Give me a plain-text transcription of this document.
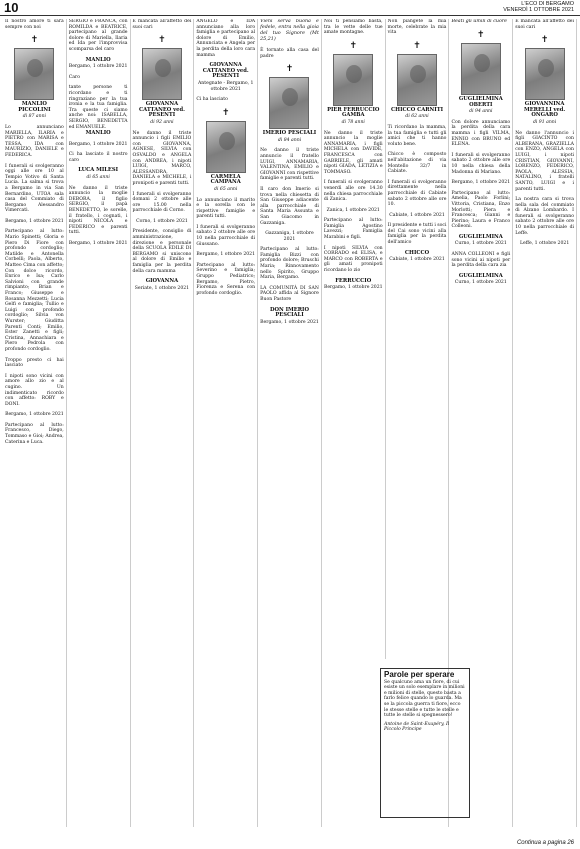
10	L'ECO DI BERGAMO
VENERDÌ 1 OTTOBRE 2021
Il nostro amore ti sarà sempre con noi
✝
MANLIO PICCOLINI
di 87 anni
Lo annunciano MARIELLA, ILARIA e PIETRO con MARISA e TESSA, IDA con MAURIZIO, DANIELE e FEDERICA.
I funerali si svolgeranno oggi alle ore 10 al Tempio Votivo di Santa Lucia. La salma si trova a Bergamo in via San Bernardino, UTOA sala casa del Commiato di Bergamo Alessandro Vimercati.
Bergamo, 1 ottobre 2021
Partecipano al lutto: Mario Spinetti; Gloria e Piero Di Fiore con profondo cordoglio; Matilde e Antonella Corbelli; Paola, Alberto, Matteo Cima con affetto; Con dolce ricordo, Enrico e Isa; Carlo Salvioni con grande rimpianto; Brian e Franco; Giuseppe e Rosanna Mezzetti; Lucia Gelfi e famiglia; Tullio e Luigi con profondo cordoglio; Silvia von Wurster; Giuditta Parenti Conti; Emilio, Ester Zanetti e figli; Cristina, Annachiara e Piero Pedrola con profondo cordoglio.
Troppo presto ci hai lasciato
I nipoti sono vicini con amore allo zio e al cugino. Un indimenticato ricordo con affetto: ROBY e DONI.
Bergamo, 1 ottobre 2021
Partecipano al lutto: Francesco, Diego, Tommaso e Gioi; Andrea, Caterina e Luca.
SERGIO e FRANCA, con ROMILDA e BEATRICE, partecipano al grande dolore di Mariella, Ilaria ed Ida per l'improvvisa scomparsa del caro
MANLIO
Bergamo, 1 ottobre 2021
Caro
tante persone ti ricordano e ti ringraziano per la tua ironia e la tua famiglia. Tra queste ci siamo anche noi: ISABELLA, SERGIO, BENEDETTA ed EMANUELE.
MANLIO
Bergamo, 1 ottobre 2021
Ci ha lasciato il nostro caro
LUCA MILESI
di 65 anni
Ne danno il triste annuncio la moglie DEBORA, il figlio SERGIO, il papà BENEDETTO, le sorelle, il fratello, i cognati, i nipoti NICOLA e FEDERICO e parenti tutti.
Bergamo, 1 ottobre 2021
È mancata all'affetto dei suoi cari
✝
GIOVANNA CATTANEO ved. PESENTI
di 92 anni
Ne danno il triste annuncio i figli EMILIO con GIOVANNA, AGNESE, SILVIA con OSVALDO e ANGELA con ANDREA, i nipoti LUIGI, MARCO, ALESSANDRA, DANIELA e MICHELE, i pronipoti e parenti tutti.
I funerali si svolgeranno domani 2 ottobre alle ore 15.00 nella parrocchiale di Corno.
Corno, 1 ottobre 2021
Presidente, consiglio di amministrazione, direzione e personale della SCUOLA EDILE DI BERGAMO si uniscono al dolore di Emilio e famiglia per la perdita della cara mamma
GIOVANNA
Seriate, 1 ottobre 2021
ANGELO e IDA annunciano alla loro famiglia e partecipano al dolore di Emilio, Annunciata e Angela per la perdita della loro cara mamma
GIOVANNA CATTANEO ved. PESENTI
Antegnate - Bergamo, 1 ottobre 2021
Ci ha lasciato
✝
CARMELA CAMPANA
di 65 anni
Lo annunciano il marito e la sorella con le rispettive famiglie e parenti tutti.
I funerali si svolgeranno sabato 2 ottobre alle ore 10 nella parrocchiale di Giussano.
Bergamo, 1 ottobre 2021
Partecipano al lutto: Severino e famiglia; Gruppo Pediatrico; Bergamo, Pietro, Fiorenza e Serena con profondo cordoglio.
Vieni serva buona e fedele, entra nella gioia del tuo Signore (Mt 25,21)
È tornato alla casa del padre
✝
IMERIO PESCIALI
di 84 anni
Ne danno il triste annuncio il fratello LUIGI, ANNAMARIA, VALENTINA, EMILIO e GIOVANNI con rispettive famiglie e parenti tutti.
Il caro don Imerio si trova nella chiesetta di San Giuseppe adiacente alla parrocchiale di Santa Maria Assunta e San Giacomo in Gazzaniga.
Gazzaniga, 1 ottobre 2021
Partecipano al lutto: Famiglia Bizzi con profondo dolore; Bruschi Maria; Rinnovamento nello Spirito, Gruppo Maria, Bergamo.
LA COMUNITÀ DI SAN PAOLO affida al Signore Buon Pastore
DON IMERIO PESCIALI
Bergamo, 1 ottobre 2021
Noi ti pensiamo basta, tra le vette delle tue amate montagne.
✝
PIER FERRUCCIO GAMBA
di 78 anni
Ne danno il triste annuncio la moglie ANNAMARIA, i figli MICHELA con DAVIDE, FRANCESCA con GABRIELE, gli amati nipoti GIADA, LETIZIA e TOMMASO.
I funerali si svolgeranno venerdì alle ore 14.30 nella chiesa parrocchiale di Zanica.
Zanica, 1 ottobre 2021
Partecipano al lutto: Famiglia Agostino Lavezzi; Famiglia Marabini e figli.
I nipoti SILVIA con CORRADO ed ELISA, e MARCO con ROBERTA e gli amati pronipoti ricordano lo zio
FERRUCCIO
Bergamo, 1 ottobre 2021
Non piangete la mia morte, celebrate la mia vita
✝
CHICCO CARNITI
di 62 anni
Ti ricordano la mamma, la tua famiglia e tutti gli amici che ti hanno voluto bene.
Chicco è composto nell'abitazione di via Montello 32/7 in Cabiate.
I funerali si svolgeranno direttamente nella parrocchiale di Cabiate sabato 2 ottobre alle ore 10.
Cabiate, 1 ottobre 2021
Il presidente e tutti i soci del Cai sono vicini alla famiglia per la perdita dell'amico
CHICCO
Cabiate, 1 ottobre 2021
Beati gli umili di cuore
✝
GUGLIELMINA OBERTI
di 94 anni
Con dolore annunciamo la perdita della cara mamma i figli VILMA, ENNIO con BRUNO ed ELENA.
I funerali si svolgeranno sabato 2 ottobre alle ore 10 nella chiesa della Madonna di Mariano.
Bergamo, 1 ottobre 2021
Partecipano al lutto: Amelia, Paolo Forlini; Vittoria, Cristiana, Enzo Morlotti; Piera e Francesca; Gianni e Pierino; Laura e Franco Colleoni.
GUGLIELMINA
Curno, 1 ottobre 2021
ANNA COLLEONI e figli sono vicini ai nipoti per la perdita della cara zia
GUGLIELMINA
Curno, 1 ottobre 2021
È mancata all'affetto dei suoi cari
✝
GIOVANNINA MERELLI ved. ONGARO
di 91 anni
Ne danno l'annuncio i figli GIACINTO con ALBERANA, GRAZIELLA con ENZO, ANGELA con LUIGI, i nipoti CRISTIAN, GIOVANNI, LORENZO, FEDERICO, PAOLA, ALESSIA, NATALINO, i fratelli SANTO, LUIGI e i parenti tutti.
La nostra cara si trova nella sala del commiato di Alzano Lombardo. I funerali si svolgeranno sabato 2 ottobre alle ore 10 nella parrocchiale di Leffe.
Leffe, 1 ottobre 2021
Parole per sperare
Se qualcuno ama un fiore, di cui esiste un solo esemplare in milioni e milioni di stelle, questo basta a farlo felice quando lo guarda. Ma se la piccola guerra ti fiore, ecco le stesse stelle e tutte le stelle e tutte le stelle si spegnessero!
Antoine de Saint-Exupéry, Il Piccolo Principe
Continua a pagina 26
